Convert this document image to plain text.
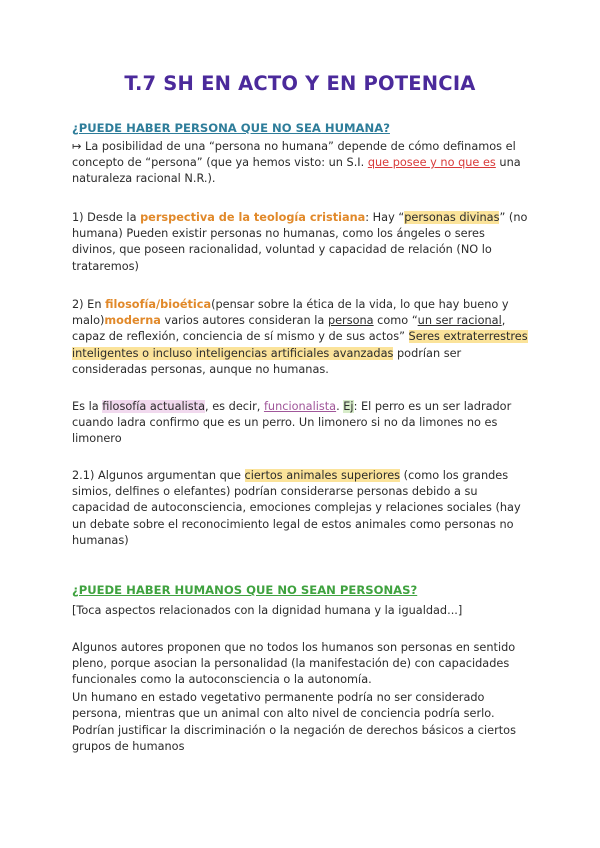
T.7 SH EN ACTO Y EN POTENCIA
¿PUEDE HABER PERSONA QUE NO SEA HUMANA?
↦ La posibilidad de una “persona no humana” depende de cómo definamos el concepto de “persona” (que ya hemos visto: un S.I. que posee y no que es una naturaleza racional N.R.).
1) Desde la perspectiva de la teología cristiana: Hay “personas divinas” (no humana) Pueden existir personas no humanas, como los ángeles o seres divinos, que poseen racionalidad, voluntad y capacidad de relación (NO lo trataremos)
2) En filosofía/bioética(pensar sobre la ética de la vida, lo que hay bueno y malo)moderna varios autores consideran la persona como “un ser racional, capaz de reflexión, conciencia de sí mismo y de sus actos” Seres extraterrestres inteligentes o incluso inteligencias artificiales avanzadas podrían ser consideradas personas, aunque no humanas.
Es la filosofía actualista, es decir, funcionalista. Ej: El perro es un ser ladrador cuando ladra confirmo que es un perro. Un limonero si no da limones no es limonero
2.1) Algunos argumentan que ciertos animales superiores (como los grandes simios, delfines o elefantes) podrían considerarse personas debido a su capacidad de autoconsciencia, emociones complejas y relaciones sociales (hay un debate sobre el reconocimiento legal de estos animales como personas no humanas)
¿PUEDE HABER HUMANOS QUE NO SEAN PERSONAS?
[Toca aspectos relacionados con la dignidad humana y la igualdad...]
Algunos autores proponen que no todos los humanos son personas en sentido pleno, porque asocian la personalidad (la manifestación de) con capacidades funcionales como la autoconsciencia o la autonomía.
Un humano en estado vegetativo permanente podría no ser considerado persona, mientras que un animal con alto nivel de conciencia podría serlo.
Podrían justificar la discriminación o la negación de derechos básicos a ciertos grupos de humanos
